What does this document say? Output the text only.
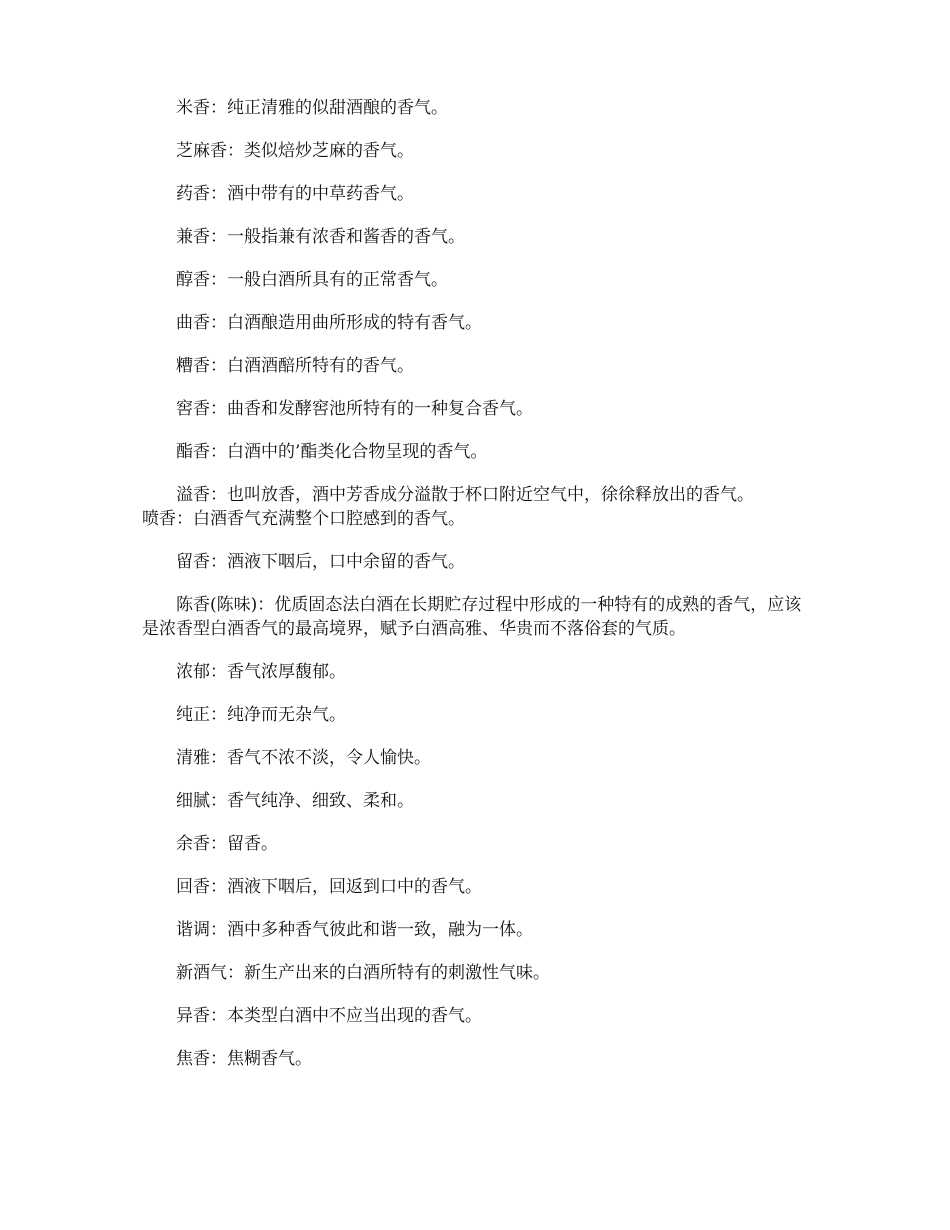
米香：纯正清雅的似甜酒酿的香气。

芝麻香：类似焙炒芝麻的香气。

药香：酒中带有的中草药香气。

兼香：一般指兼有浓香和酱香的香气。

醇香：一般白酒所具有的正常香气。

曲香：白酒酿造用曲所形成的特有香气。

糟香：白酒酒醅所特有的香气。

窖香：曲香和发酵窖池所特有的一种复合香气。

酯香：白酒中的’酯类化合物呈现的香气。

溢香：也叫放香，酒中芳香成分溢散于杯口附近空气中，徐徐释放出的香气。

喷香：白酒香气充满整个口腔感到的香气。

留香：酒液下咽后，口中余留的香气。

陈香(陈味)：优质固态法白酒在长期贮存过程中形成的一种特有的成熟的香气，应该是浓香型白酒香气的最高境界，赋予白酒高雅、华贵而不落俗套的气质。

浓郁：香气浓厚馥郁。

纯正：纯净而无杂气。

清雅：香气不浓不淡，令人愉快。

细腻：香气纯净、细致、柔和。

余香：留香。

回香：酒液下咽后，回返到口中的香气。

谐调：酒中多种香气彼此和谐一致，融为一体。

新酒气：新生产出来的白酒所特有的刺激性气味。

异香：本类型白酒中不应当出现的香气。

焦香：焦糊香气。
